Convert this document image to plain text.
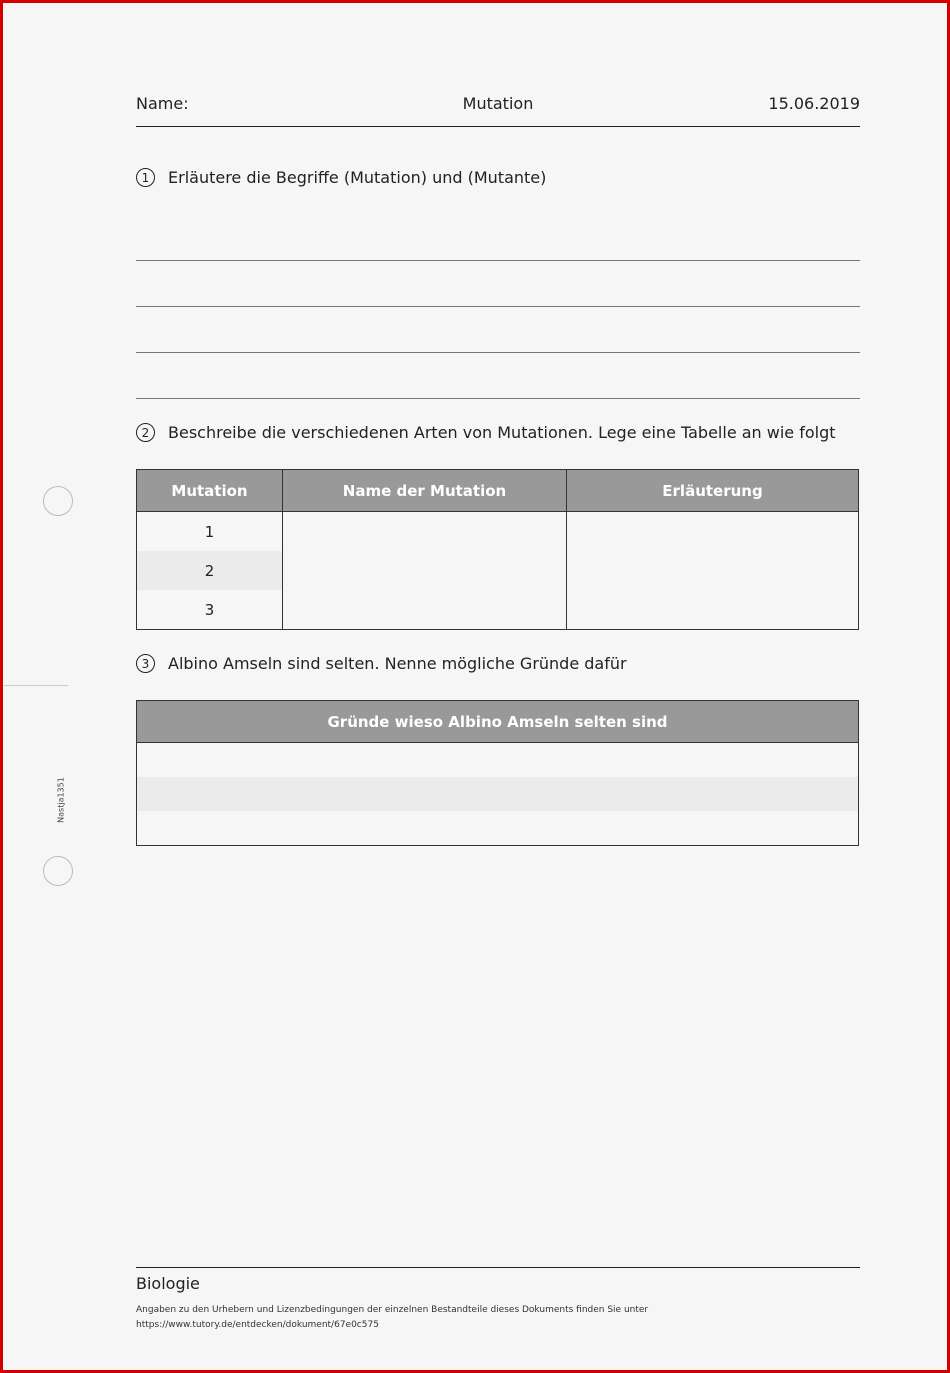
Name:	Mutation	15.06.2019
1	Erläutere die Begriffe (Mutation) und (Mutante)
2	Beschreibe die verschiedenen Arten von Mutationen. Lege eine Tabelle an wie folgt
Mutation	Name der Mutation	Erläuterung
1		
2		
3		
3	Albino Amseln sind selten. Nenne mögliche Gründe dafür
Gründe wieso Albino Amseln selten sind

Nastja1351
Biologie
Angaben zu den Urhebern und Lizenzbedingungen der einzelnen Bestandteile dieses Dokuments finden Sie unter
https://www.tutory.de/entdecken/dokument/67e0c575
